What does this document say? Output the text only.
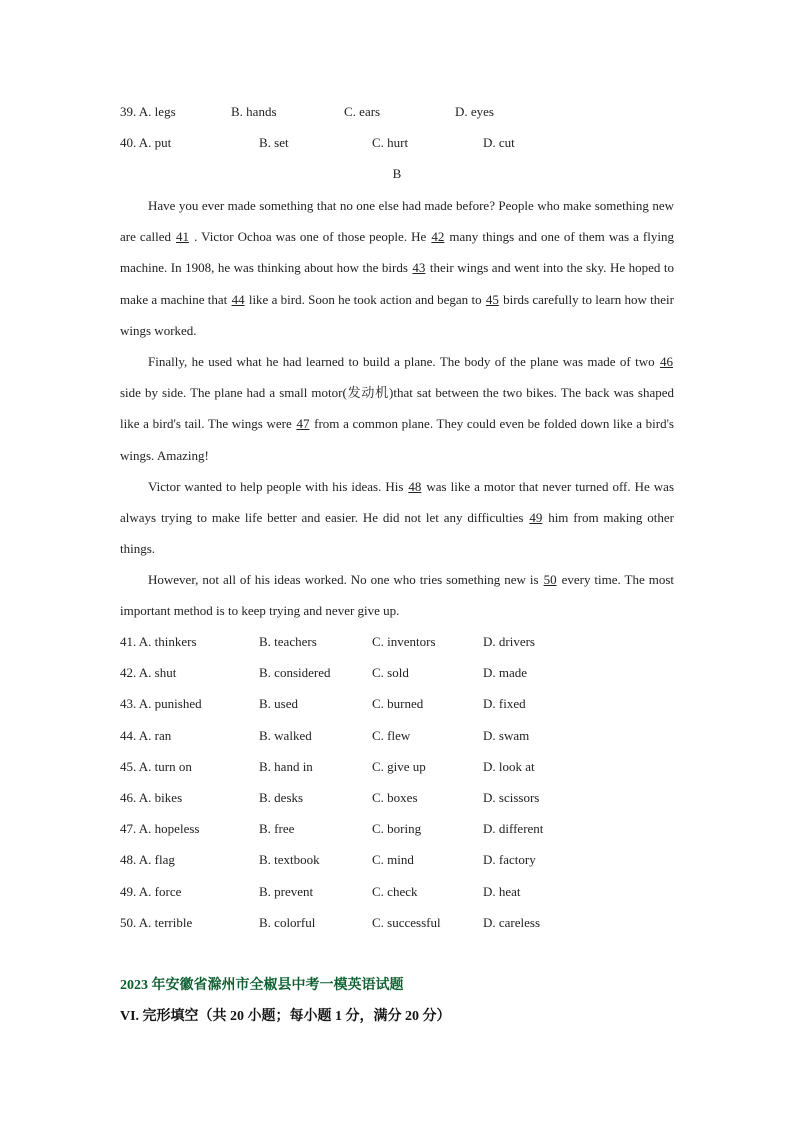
39. A. legs	B. hands	C. ears	D. eyes
40. A. put	B. set	C. hurt	D. cut
B

Have you ever made something that no one else had made before? People who make something new are called 41 . Victor Ochoa was one of those people. He 42 many things and one of them was a flying machine. In 1908, he was thinking about how the birds 43 their wings and went into the sky. He hoped to make a machine that 44 like a bird. Soon he took action and began to 45 birds carefully to learn how their wings worked.

Finally, he used what he had learned to build a plane. The body of the plane was made of two 46 side by side. The plane had a small motor(发动机)that sat between the two bikes. The back was shaped like a bird's tail. The wings were 47 from a common plane. They could even be folded down like a bird's wings. Amazing!

Victor wanted to help people with his ideas. His 48 was like a motor that never turned off. He was always trying to make life better and easier. He did not let any difficulties 49 him from making other things.

However, not all of his ideas worked. No one who tries something new is 50 every time. The most important method is to keep trying and never give up.

41. A. thinkers	B. teachers	C. inventors	D. drivers
42. A. shut	B. considered	C. sold	D. made
43. A. punished	B. used	C. burned	D. fixed
44. A. ran	B. walked	C. flew	D. swam
45. A. turn on	B. hand in	C. give up	D. look at
46. A. bikes	B. desks	C. boxes	D. scissors
47. A. hopeless	B. free	C. boring	D. different
48. A. flag	B. textbook	C. mind	D. factory
49. A. force	B. prevent	C. check	D. heat
50. A. terrible	B. colorful	C. successful	D. careless
2023 年安徽省滁州市全椒县中考一模英语试题
VI. 完形填空（共 20 小题；每小题 1 分，满分 20 分）
